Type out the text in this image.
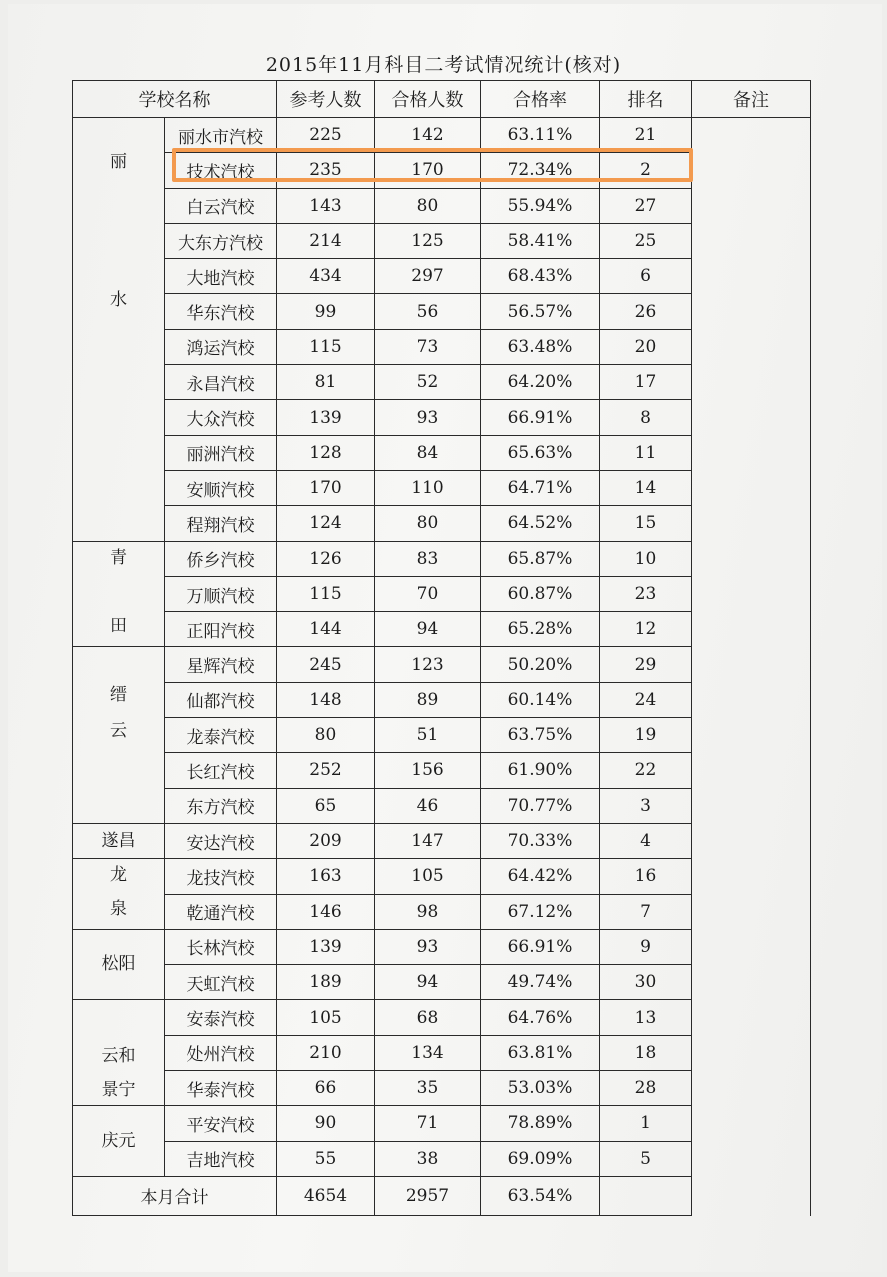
2015年11月科目二考试情况统计(核对)
学校名称		参考人数	合格人数	合格率	排名	备注	

丽
水	丽水市汽校	225	142	63.11%	21		
	技术汽校	235	170	72.34%	2		
	白云汽校	143	80	55.94%	27		
	大东方汽校	214	125	58.41%	25		
	大地汽校	434	297	68.43%	6		
	华东汽校	99	56	56.57%	26		
	鸿运汽校	115	73	63.48%	20		
	永昌汽校	81	52	64.20%	17		
	大众汽校	139	93	66.91%	8		
	丽洲汽校	128	84	65.63%	11		
	安顺汽校	170	110	64.71%	14		
	程翔汽校	124	80	64.52%	15		

青
田	侨乡汽校	126	83	65.87%	10		
	万顺汽校	115	70	60.87%	23		
	正阳汽校	144	94	65.28%	12		

缙
云	星辉汽校	245	123	50.20%	29		
	仙都汽校	148	89	60.14%	24		
	龙泰汽校	80	51	63.75%	19		
	长红汽校	252	156	61.90%	22		
	东方汽校	65	46	70.77%	3		
遂昌	安达汽校	209	147	70.33%	4		

龙
泉	龙技汽校	163	105	64.42%	16		
	乾通汽校	146	98	67.12%	7		
松阳	长林汽校	139	93	66.91%	9		
	天虹汽校	189	94	49.74%	30		

云和
景宁	安泰汽校	105	68	64.76%	13		
	处州汽校	210	134	63.81%	18		
	华泰汽校	66	35	53.03%	28		
庆元	平安汽校	90	71	78.89%	1		
	吉地汽校	55	38	69.09%	5		
本月合计		4654	2957	63.54%			
